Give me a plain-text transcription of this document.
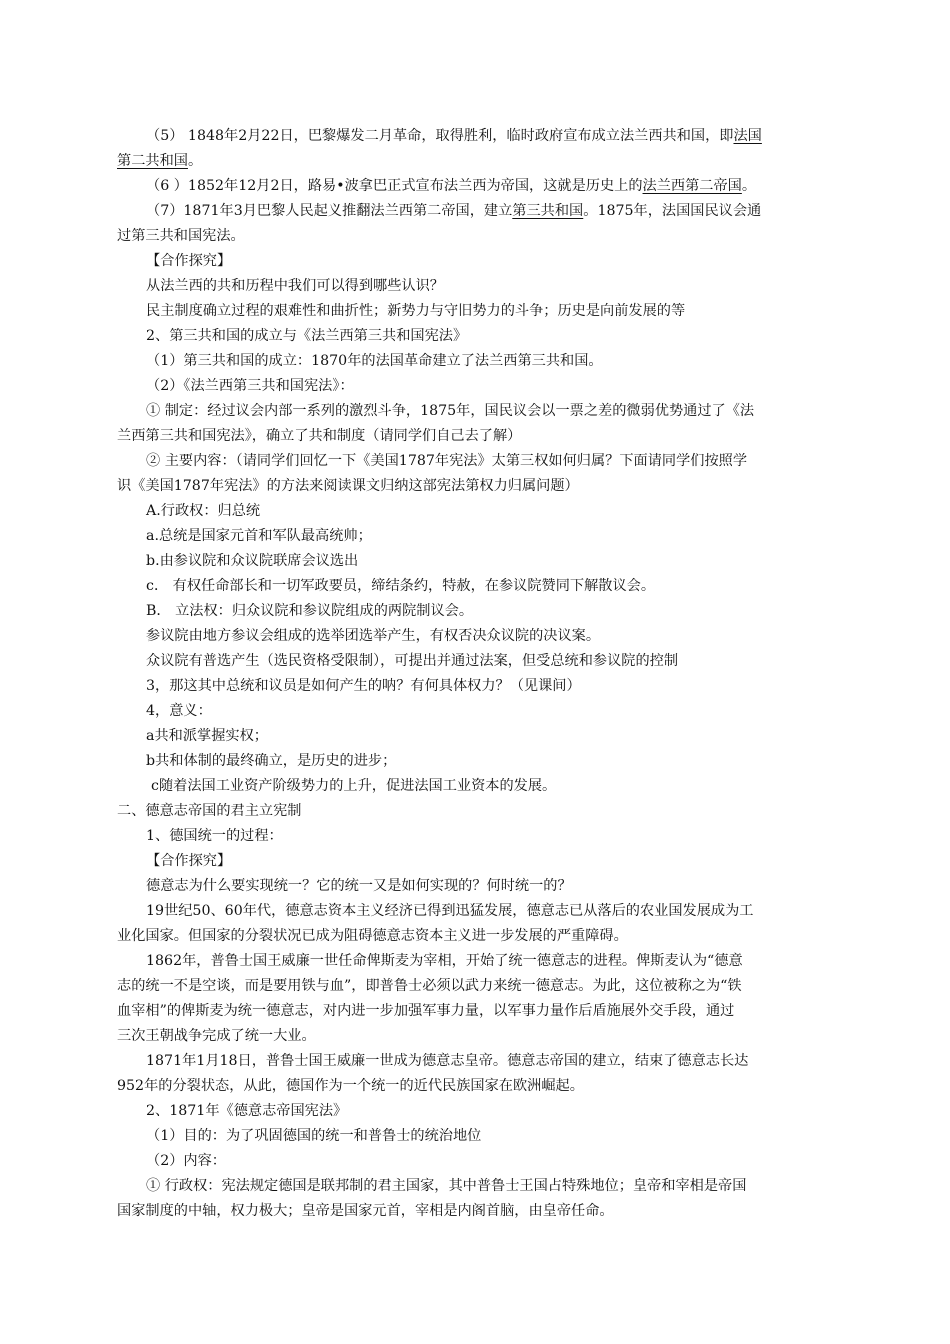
（5） 1848年2月22日，巴黎爆发二月革命，取得胜利，临时政府宣布成立法兰西共和国，即法国
第二共和国。
（6 ）1852年12月2日，路易•波拿巴正式宣布法兰西为帝国，这就是历史上的法兰西第二帝国。
（7）1871年3月巴黎人民起义推翻法兰西第二帝国，建立第三共和国。1875年，法国国民议会通
过第三共和国宪法。
【合作探究】
从法兰西的共和历程中我们可以得到哪些认识？
民主制度确立过程的艰难性和曲折性；新势力与守旧势力的斗争；历史是向前发展的等
2、第三共和国的成立与《法兰西第三共和国宪法》
（1）第三共和国的成立：1870年的法国革命建立了法兰西第三共和国。
（2）《法兰西第三共和国宪法》：
① 制定：经过议会内部一系列的激烈斗争，1875年，国民议会以一票之差的微弱优势通过了《法
兰西第三共和国宪法》，确立了共和制度（请同学们自己去了解）
② 主要内容：（请同学们回忆一下《美国1787年宪法》太第三权如何归属？下面请同学们按照学
识《美国1787年宪法》的方法来阅读课文归纳这部宪法第权力归属问题）
A.行政权：归总统
a.总统是国家元首和军队最高统帅；
b.由参议院和众议院联席会议选出
c． 有权任命部长和一切军政要员，缔结条约，特赦，在参议院赞同下解散议会。
B． 立法权：归众议院和参议院组成的两院制议会。
参议院由地方参议会组成的选举团选举产生，有权否决众议院的决议案。
众议院有普选产生（选民资格受限制），可提出并通过法案，但受总统和参议院的控制
3，那这其中总统和议员是如何产生的呐？有何具体权力？（见课间）
4，意义：
a共和派掌握实权；
b共和体制的最终确立，是历史的进步；
c随着法国工业资产阶级势力的上升，促进法国工业资本的发展。
二、德意志帝国的君主立宪制
1、德国统一的过程：
【合作探究】
德意志为什么要实现统一？它的统一又是如何实现的？何时统一的？
19世纪50、60年代，德意志资本主义经济已得到迅猛发展，德意志已从落后的农业国发展成为工
业化国家。但国家的分裂状况已成为阻碍德意志资本主义进一步发展的严重障碍。
1862年，普鲁士国王威廉一世任命俾斯麦为宰相，开始了统一德意志的进程。俾斯麦认为“德意
志的统一不是空谈，而是要用铁与血”，即普鲁士必须以武力来统一德意志。为此，这位被称之为“铁
血宰相”的俾斯麦为统一德意志，对内进一步加强军事力量，以军事力量作后盾施展外交手段，通过
三次王朝战争完成了统一大业。
1871年1月18日，普鲁士国王威廉一世成为德意志皇帝。德意志帝国的建立，结束了德意志长达
952年的分裂状态，从此，德国作为一个统一的近代民族国家在欧洲崛起。
2、1871年《德意志帝国宪法》
（1）目的：为了巩固德国的统一和普鲁士的统治地位
（2）内容：
① 行政权：宪法规定德国是联邦制的君主国家，其中普鲁士王国占特殊地位；皇帝和宰相是帝国
国家制度的中轴，权力极大；皇帝是国家元首，宰相是内阁首脑，由皇帝任命。
